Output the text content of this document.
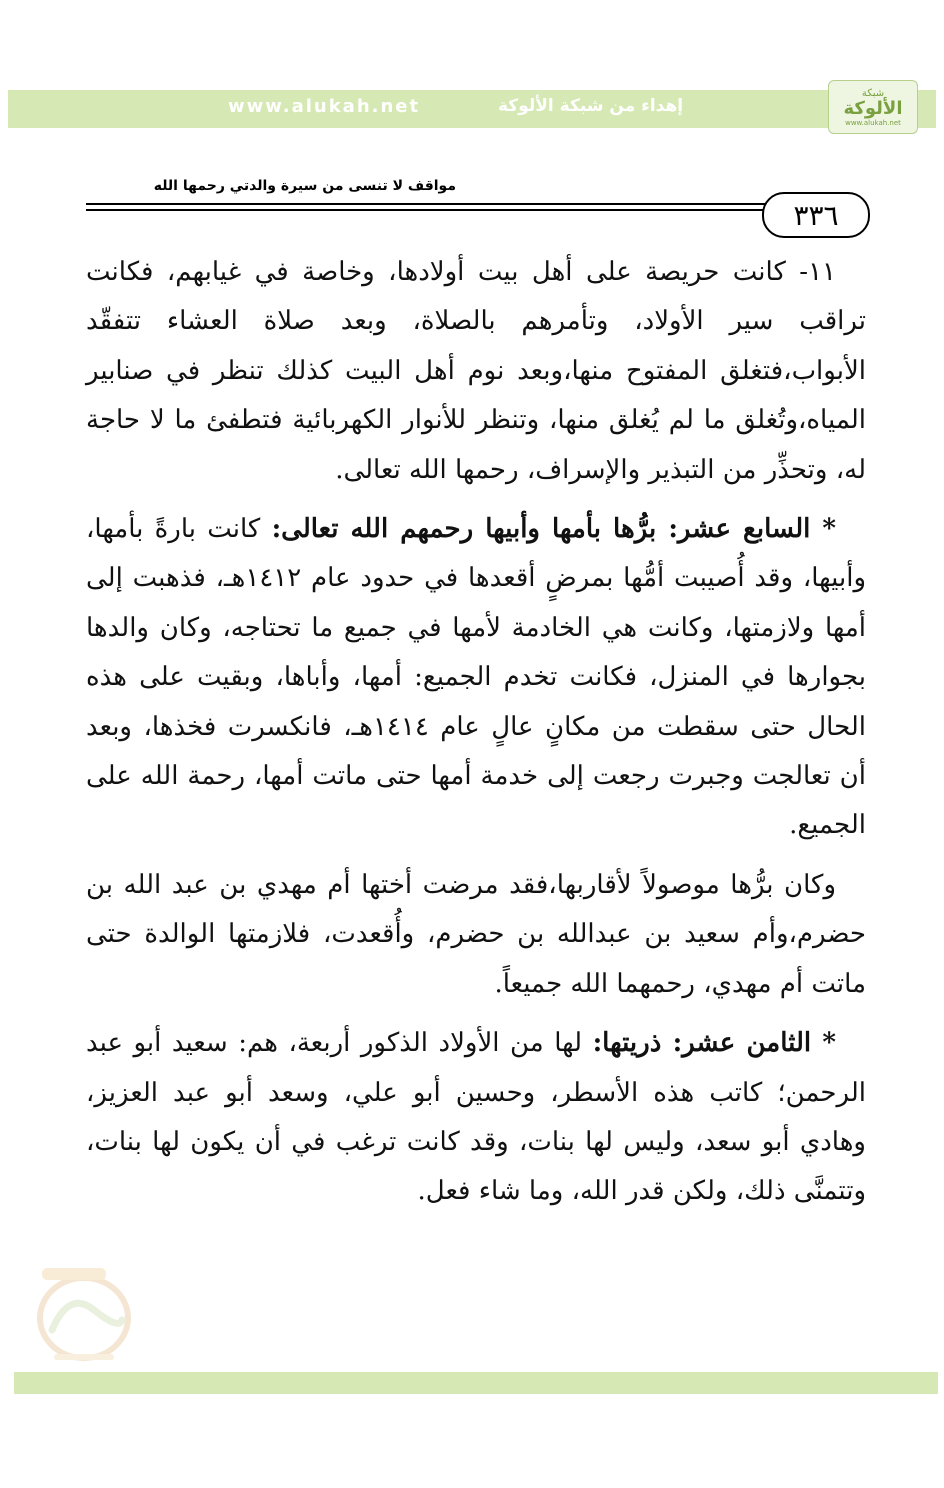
www.alukah.net	إهداء من شبكة الألوكة
شبكة
الألوكة
www.alukah.net
مواقف لا تنسى من سيرة والدتي رحمها الله
٣٣٦

١١- كانت حريصة على أهل بيت أولادها، وخاصة في غيابهم، فكانت تراقب سير الأولاد، وتأمرهم بالصلاة، وبعد صلاة العشاء تتفقّد الأبواب،فتغلق المفتوح منها،وبعد نوم أهل البيت كذلك تنظر في صنابير المياه،وتُغلق ما لم يُغلق منها، وتنظر للأنوار الكهربائية فتطفئ ما لا حاجة له، وتحذِّر من التبذير والإسراف، رحمها الله تعالى.

* السابع عشر: برُّها بأمها وأبيها رحمهم الله تعالى: كانت بارةً بأمها، وأبيها، وقد أُصيبت أمُّها بمرضٍ أقعدها في حدود عام ١٤١٢هـ، فذهبت إلى أمها ولازمتها، وكانت هي الخادمة لأمها في جميع ما تحتاجه، وكان والدها بجوارها في المنزل، فكانت تخدم الجميع: أمها، وأباها، وبقيت على هذه الحال حتى سقطت من مكانٍ عالٍ عام ١٤١٤هـ، فانكسرت فخذها، وبعد أن تعالجت وجبرت رجعت إلى خدمة أمها حتى ماتت أمها، رحمة الله على الجميع.

وكان برُّها موصولاً لأقاربها،فقد مرضت أختها أم مهدي بن عبد الله بن حضرم،وأم سعيد بن عبدالله بن حضرم، وأُقعدت، فلازمتها الوالدة حتى ماتت أم مهدي، رحمهما الله جميعاً.

* الثامن عشر: ذريتها: لها من الأولاد الذكور أربعة، هم: سعيد أبو عبد الرحمن؛ كاتب هذه الأسطر، وحسين أبو علي، وسعد أبو عبد العزيز، وهادي أبو سعد، وليس لها بنات، وقد كانت ترغب في أن يكون لها بنات، وتتمنَّى ذلك، ولكن قدر الله، وما شاء فعل.
